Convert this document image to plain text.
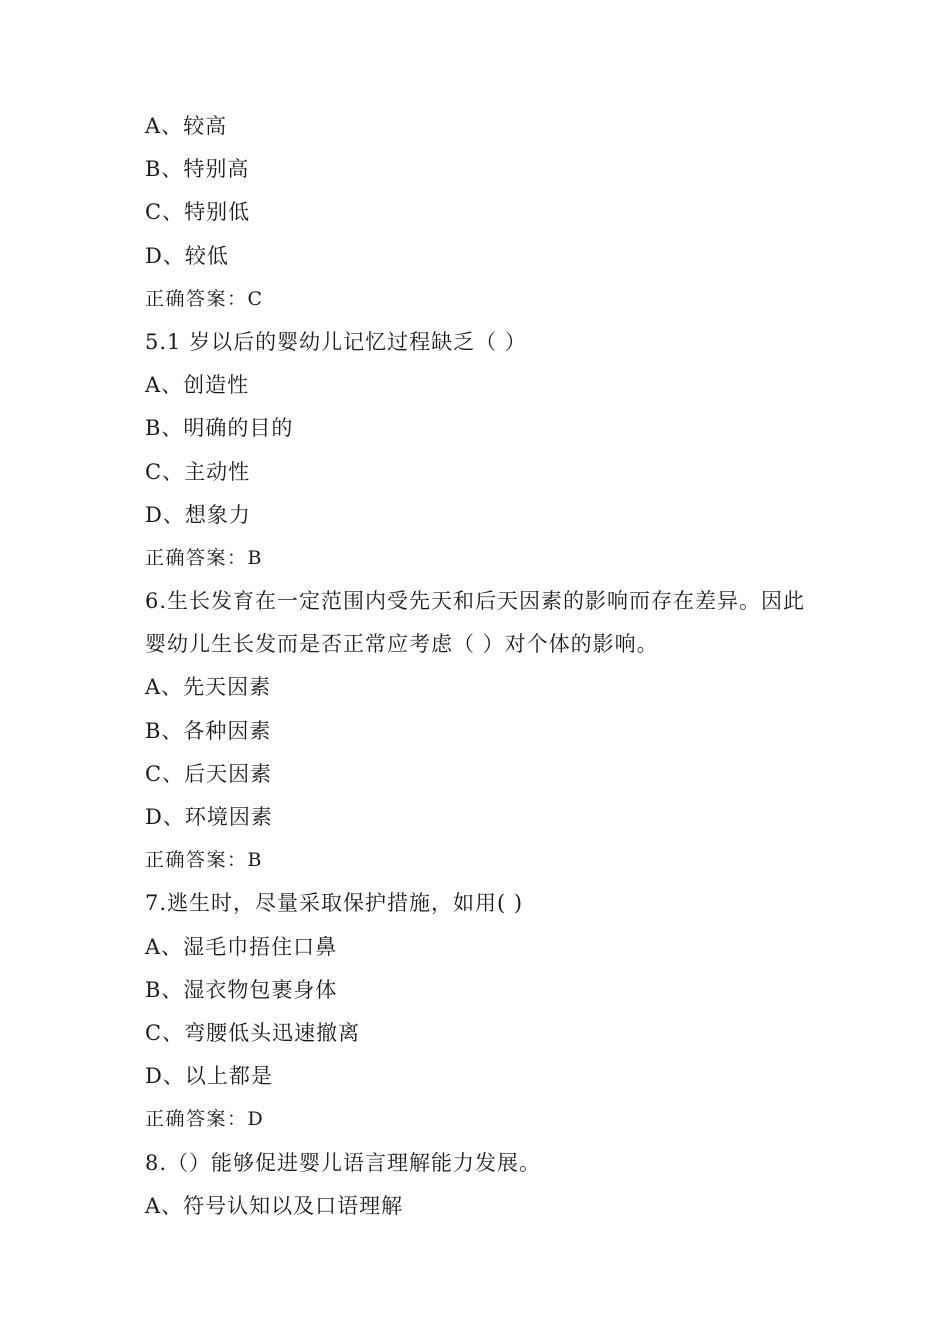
A、较高
B、特别高
C、特别低
D、较低
正确答案：C
5.1 岁以后的婴幼儿记忆过程缺乏（ ）
A、创造性
B、明确的目的
C、主动性
D、想象力
正确答案：B
6.生长发育在一定范围内受先天和后天因素的影响而存在差异。因此婴幼儿生长发而是否正常应考虑（ ）对个体的影响。
A、先天因素
B、各种因素
C、后天因素
D、环境因素
正确答案：B
7.逃生时，尽量采取保护措施，如用( )
A、湿毛巾捂住口鼻
B、湿衣物包裹身体
C、弯腰低头迅速撤离
D、以上都是
正确答案：D
8.（）能够促进婴儿语言理解能力发展。
A、符号认知以及口语理解
